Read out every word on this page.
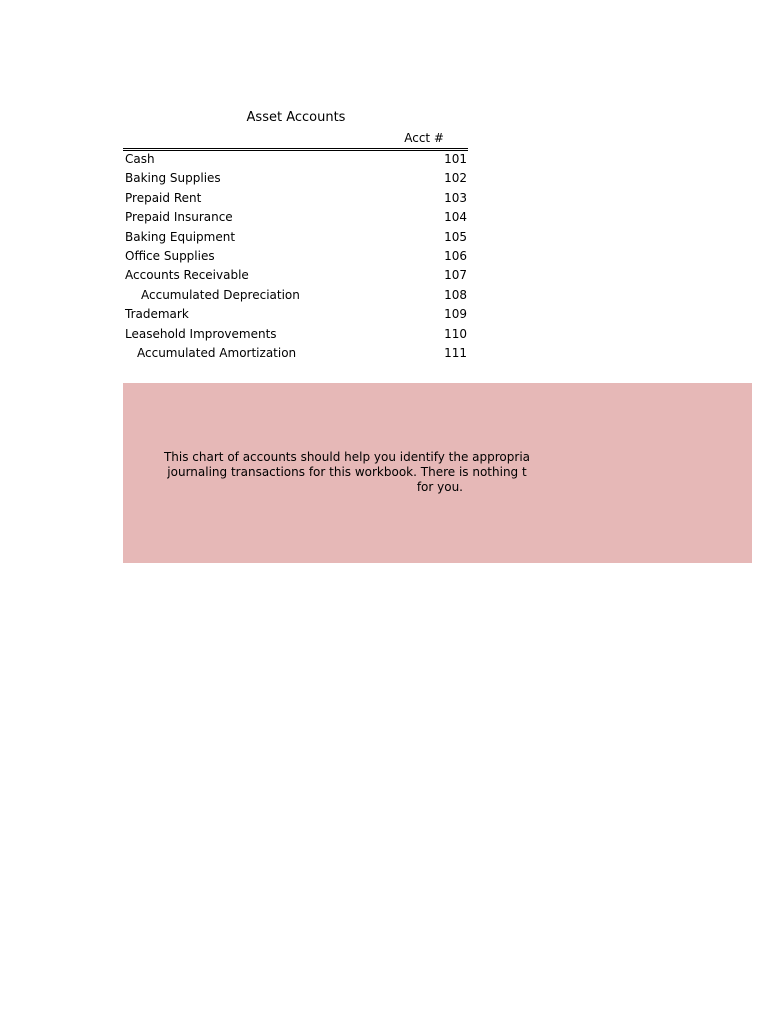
Asset Accounts
Acct #
Cash	101
Baking Supplies	102
Prepaid Rent	103
Prepaid Insurance	104
Baking Equipment	105
Office Supplies	106
Accounts Receivable	107
Accumulated Depreciation	108
Trademark	109
Leasehold Improvements	110
Accumulated Amortization	111
This chart of accounts should help you identify the appropria
journaling transactions for this workbook. There is nothing t
for you.
